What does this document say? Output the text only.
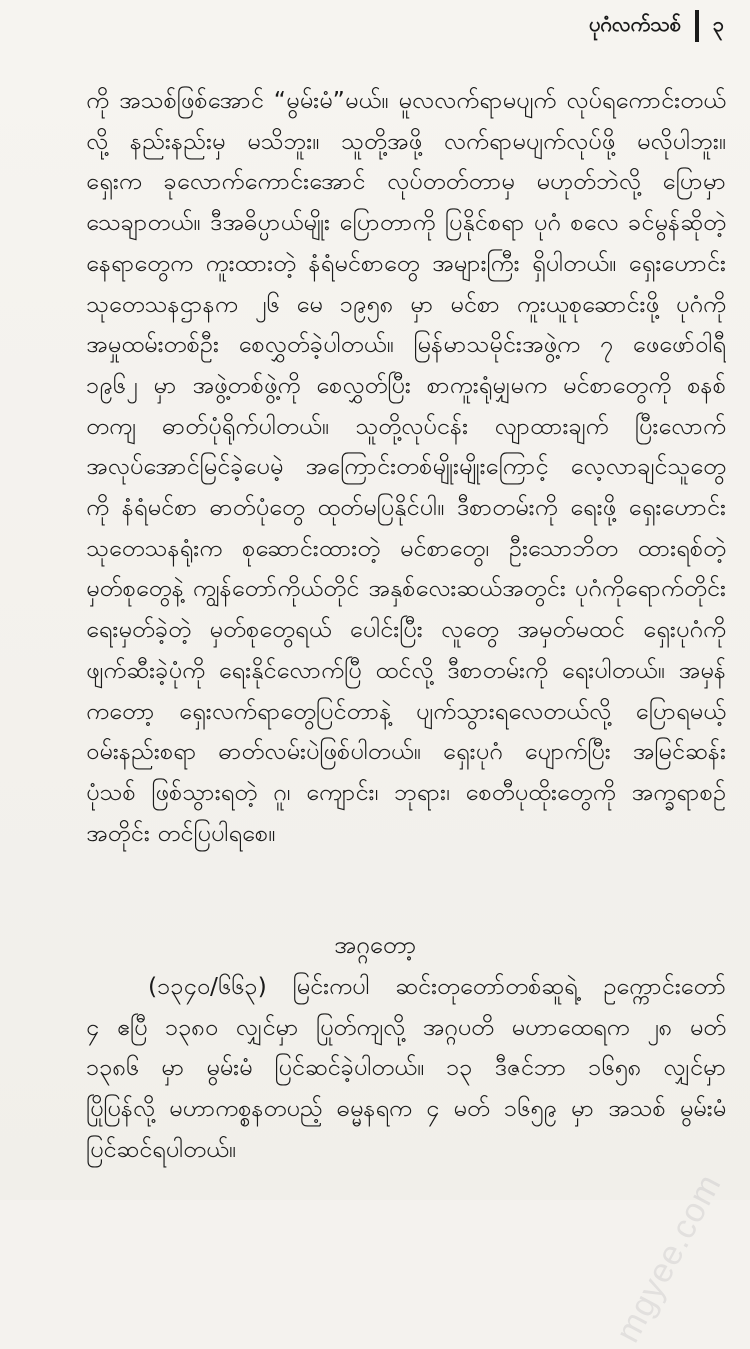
ပုဂံလက်သစ် ၃
ကို အသစ်ဖြစ်အောင် “မွမ်းမံ”မယ်။ မူလလက်ရာမပျက် လုပ်ရကောင်းတယ်
လို့ နည်းနည်းမှ မသိဘူး။ သူတို့အဖို့ လက်ရာမပျက်လုပ်ဖို့ မလိုပါဘူး။
ရှေးက ခုလောက်ကောင်းအောင် လုပ်တတ်တာမှ မဟုတ်ဘဲလို့ ပြောမှာ
သေချာတယ်။ ဒီအဓိပ္ပာယ်မျိုး ပြောတာကို ပြနိုင်စရာ ပုဂံ စလေ ခင်မွန်ဆိုတဲ့
နေရာတွေက ကူးထားတဲ့ နံရံမင်စာတွေ အများကြီး ရှိပါတယ်။ ရှေးဟောင်း
သုတေသနဌာနက ၂၆ မေ ၁၉၅၈ မှာ မင်စာ ကူးယူစုဆောင်းဖို့ ပုဂံကို
အမှုထမ်းတစ်ဦး စေလွှတ်ခဲ့ပါတယ်။ မြန်မာသမိုင်းအဖွဲ့က ၇ ဖေဖော်ဝါရီ
၁၉၆၂ မှာ အဖွဲ့တစ်ဖွဲ့ကို စေလွှတ်ပြီး စာကူးရုံမျှမက မင်စာတွေကို စနစ်
တကျ ဓာတ်ပုံရိုက်ပါတယ်။ သူတို့လုပ်ငန်း လျာထားချက် ပြီးလောက်
အလုပ်အောင်မြင်ခဲ့ပေမဲ့ အကြောင်းတစ်မျိုးမျိုးကြောင့် လေ့လာချင်သူတွေ
ကို နံရံမင်စာ ဓာတ်ပုံတွေ ထုတ်မပြနိုင်ပါ။ ဒီစာတမ်းကို ရေးဖို့ ရှေးဟောင်း
သုတေသနရုံးက စုဆောင်းထားတဲ့ မင်စာတွေ၊ ဦးသောဘိတ ထားရစ်တဲ့
မှတ်စုတွေနဲ့ ကျွန်တော်ကိုယ်တိုင် အနှစ်လေးဆယ်အတွင်း ပုဂံကိုရောက်တိုင်း
ရေးမှတ်ခဲ့တဲ့ မှတ်စုတွေရယ် ပေါင်းပြီး လူတွေ အမှတ်မထင် ရှေးပုဂံကို
ဖျက်ဆီးခဲ့ပုံကို ရေးနိုင်လောက်ပြီ ထင်လို့ ဒီစာတမ်းကို ရေးပါတယ်။ အမှန်
ကတော့ ရှေးလက်ရာတွေပြင်တာနဲ့ ပျက်သွားရလေတယ်လို့ ပြောရမယ့်
ဝမ်းနည်းစရာ ဓာတ်လမ်းပဲဖြစ်ပါတယ်။ ရှေးပုဂံ ပျောက်ပြီး အမြင်ဆန်း
ပုံသစ် ဖြစ်သွားရတဲ့ ဂူ၊ ကျောင်း၊ ဘုရား၊ စေတီပုထိုးတွေကို အက္ခရာစဉ်
အတိုင်း တင်ပြပါရစေ။
အဂ္ဂတော့
(၁၃၄၀/၆၆၃) မြင်းကပါ ဆင်းတုတော်တစ်ဆူရဲ့ ဥက္ကောင်းတော်
၄ ဧပြီ ၁၃၈၀ လျှင်မှာ ပြုတ်ကျလို့ အဂ္ဂပတိ မဟာထေရက ၂၈ မတ်
၁၃၈၆ မှာ မွမ်းမံ ပြင်ဆင်ခဲ့ပါတယ်။ ၁၃ ဒီဇင်ဘာ ၁၆၅၈ လျှင်မှာ
ပြိုပြန်လို့ မဟာကစ္စနတပည့် ဓမ္မနရက ၄ မတ် ၁၆၅၉ မှာ အသစ် မွမ်းမံ
ပြင်ဆင်ရပါတယ်။
mgyee.com
